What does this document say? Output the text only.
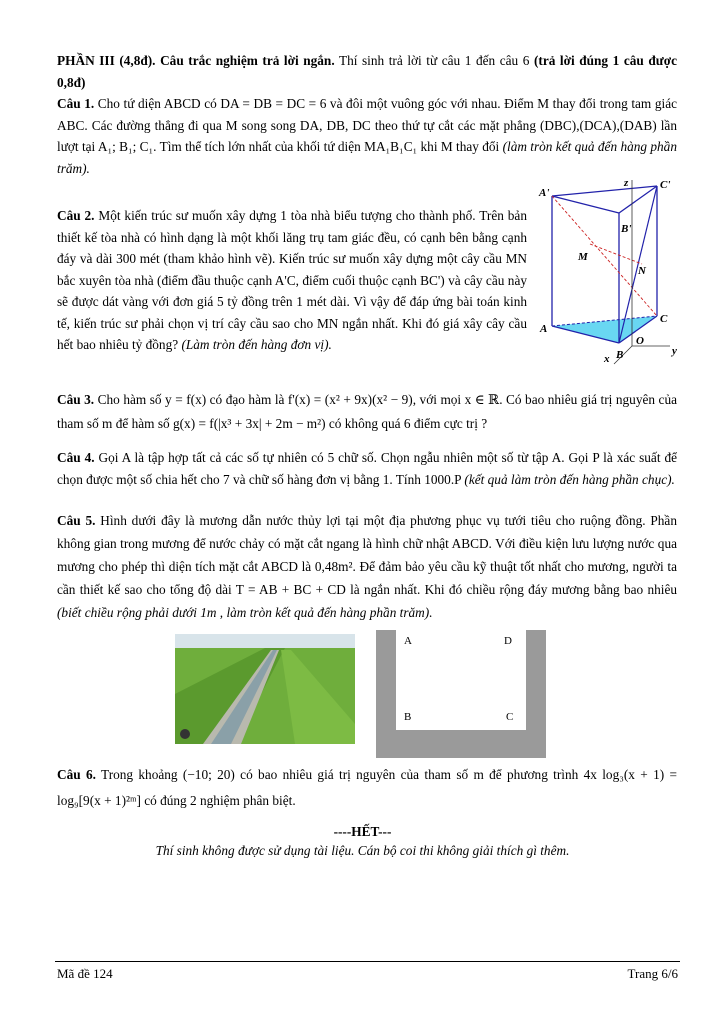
PHẦN III (4,8đ). Câu trắc nghiệm trả lời ngắn. Thí sinh trả lời từ câu 1 đến câu 6 (trả lời đúng 1 câu được 0,8đ)

Câu 1. Cho tứ diện ABCD có DA = DB = DC = 6 và đôi một vuông góc với nhau. Điểm M thay đổi trong tam giác ABC. Các đường thẳng đi qua M song song DA, DB, DC theo thứ tự cắt các mặt phẳng (DBC),(DCA),(DAB) lần lượt tại A₁; B₁; C₁. Tìm thể tích lớn nhất của khối tứ diện MA₁B₁C₁ khi M thay đổi (làm tròn kết quả đến hàng phần trăm).

Câu 2. Một kiến trúc sư muốn xây dựng 1 tòa nhà biểu tượng cho thành phố. Trên bản thiết kế tòa nhà có hình dạng là một khối lăng trụ tam giác đều, có cạnh bên bằng cạnh đáy và dài 300 mét (tham khảo hình vẽ). Kiến trúc sư muốn xây dựng một cây cầu MN bắc xuyên tòa nhà (điểm đầu thuộc cạnh A'C, điểm cuối thuộc cạnh BC') và cây cầu này sẽ được dát vàng với đơn giá 5 tỷ đồng trên 1 mét dài. Vì vậy để đáp ứng bài toán kinh tế, kiến trúc sư phải chọn vị trí cây cầu sao cho MN ngắn nhất. Khi đó giá xây cây cầu hết bao nhiêu tỷ đồng? (Làm tròn đến hàng đơn vị).

A'
C'
B'
M
N
A
C
O
B
x
y
z

Câu 3. Cho hàm số y = f(x) có đạo hàm là f'(x) = (x² + 9x)(x² − 9), với mọi x ∈ ℝ. Có bao nhiêu giá trị nguyên của tham số m để hàm số g(x) = f(|x³ + 3x| + 2m − m²) có không quá 6 điểm cực trị ?

Câu 4. Gọi A là tập hợp tất cả các số tự nhiên có 5 chữ số. Chọn ngẫu nhiên một số từ tập A. Gọi P là xác suất để chọn được một số chia hết cho 7 và chữ số hàng đơn vị bằng 1. Tính 1000.P (kết quả làm tròn đến hàng phần chục).

Câu 5. Hình dưới đây là mương dẫn nước thủy lợi tại một địa phương phục vụ tưới tiêu cho ruộng đồng. Phần không gian trong mương để nước chảy có mặt cắt ngang là hình chữ nhật ABCD. Với điều kiện lưu lượng nước qua mương cho phép thì diện tích mặt cắt ABCD là 0,48m². Để đảm bảo yêu cầu kỹ thuật tốt nhất cho mương, người ta cần thiết kế sao cho tổng độ dài T = AB + BC + CD là ngắn nhất. Khi đó chiều rộng đáy mương bằng bao nhiêu (biết chiều rộng phải dưới 1m , làm tròn kết quả đến hàng phần trăm).

A	D
B	C

Câu 6. Trong khoảng (−10; 20) có bao nhiêu giá trị nguyên của tham số m để phương trình 4x log₃(x + 1) = log₉[9(x + 1)²ᵐ] có đúng 2 nghiệm phân biệt.

----HẾT---
Thí sinh không được sử dụng tài liệu. Cán bộ coi thi không giải thích gì thêm.
Mã đề 124	Trang 6/6
